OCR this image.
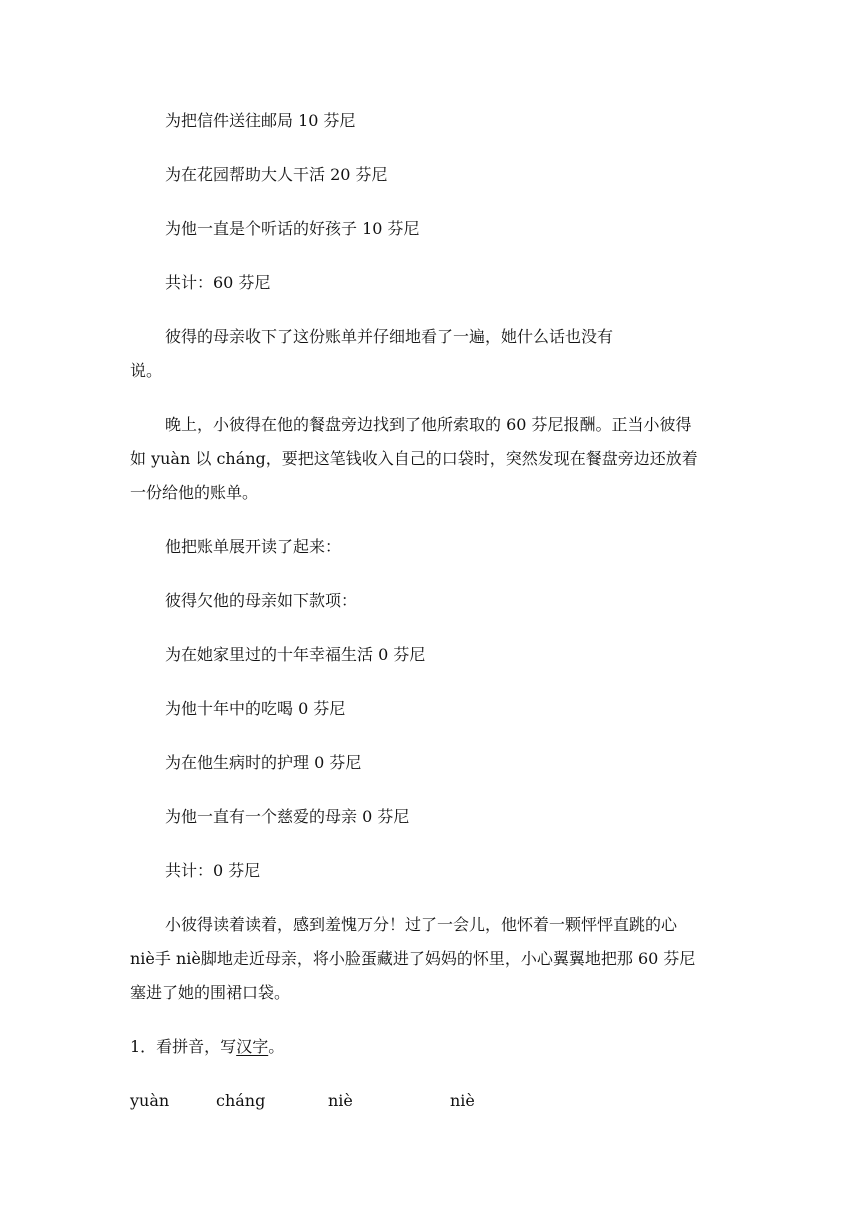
为把信件送往邮局 10 芬尼
为在花园帮助大人干活 20 芬尼
为他一直是个听话的好孩子 10 芬尼
共计：60 芬尼
彼得的母亲收下了这份账单并仔细地看了一遍，她什么话也没有
说。
晚上，小彼得在他的餐盘旁边找到了他所索取的 60 芬尼报酬。正当小彼得
如 yuàn 以 cháng，要把这笔钱收入自己的口袋时，突然发现在餐盘旁边还放着
一份给他的账单。
他把账单展开读了起来：
彼得欠他的母亲如下款项：
为在她家里过的十年幸福生活 0 芬尼
为他十年中的吃喝 0 芬尼
为在他生病时的护理 0 芬尼
为他一直有一个慈爱的母亲 0 芬尼
共计：0 芬尼
小彼得读着读着，感到羞愧万分！过了一会儿，他怀着一颗怦怦直跳的心
niè手 niè脚地走近母亲，将小脸蛋藏进了妈妈的怀里，小心翼翼地把那 60 芬尼
塞进了她的围裙口袋。
1．看拼音，写汉字。
yuàn	cháng	niè	niè
